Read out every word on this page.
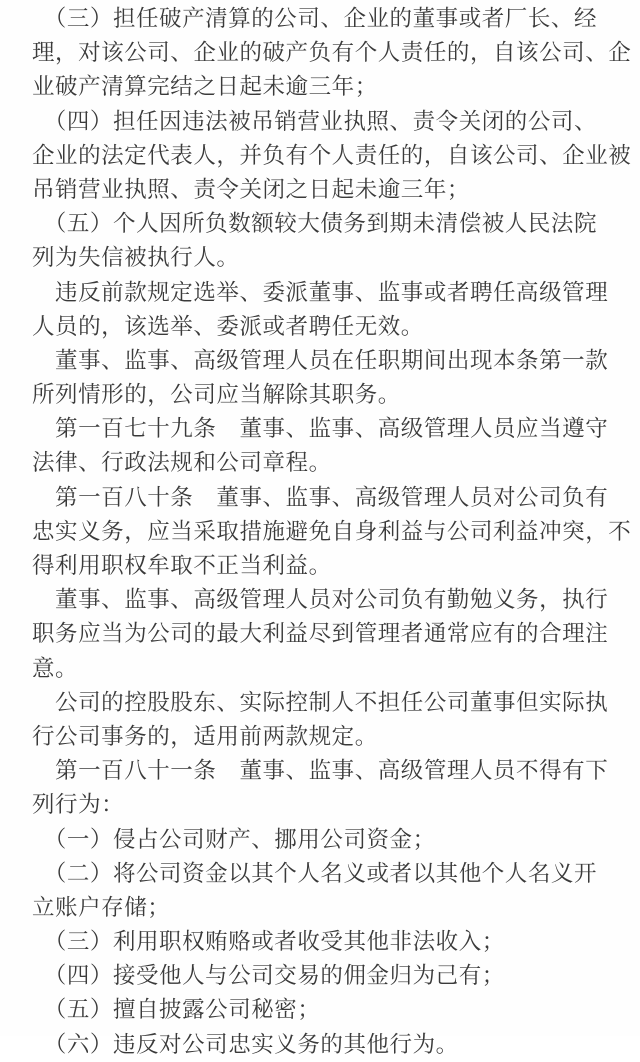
　（三）担任破产清算的公司、企业的董事或者厂长、经
理，对该公司、企业的破产负有个人责任的，自该公司、企
业破产清算完结之日起未逾三年；
　（四）担任因违法被吊销营业执照、责令关闭的公司、
企业的法定代表人，并负有个人责任的，自该公司、企业被
吊销营业执照、责令关闭之日起未逾三年；
　（五）个人因所负数额较大债务到期未清偿被人民法院
列为失信被执行人。
　违反前款规定选举、委派董事、监事或者聘任高级管理
人员的，该选举、委派或者聘任无效。
　董事、监事、高级管理人员在任职期间出现本条第一款
所列情形的，公司应当解除其职务。
　第一百七十九条　董事、监事、高级管理人员应当遵守
法律、行政法规和公司章程。
　第一百八十条　董事、监事、高级管理人员对公司负有
忠实义务，应当采取措施避免自身利益与公司利益冲突，不
得利用职权牟取不正当利益。
　董事、监事、高级管理人员对公司负有勤勉义务，执行
职务应当为公司的最大利益尽到管理者通常应有的合理注
意。
　公司的控股股东、实际控制人不担任公司董事但实际执
行公司事务的，适用前两款规定。
　第一百八十一条　董事、监事、高级管理人员不得有下
列行为：
　（一）侵占公司财产、挪用公司资金；
　（二）将公司资金以其个人名义或者以其他个人名义开
立账户存储；
　（三）利用职权贿赂或者收受其他非法收入；
　（四）接受他人与公司交易的佣金归为己有；
　（五）擅自披露公司秘密；
　（六）违反对公司忠实义务的其他行为。
